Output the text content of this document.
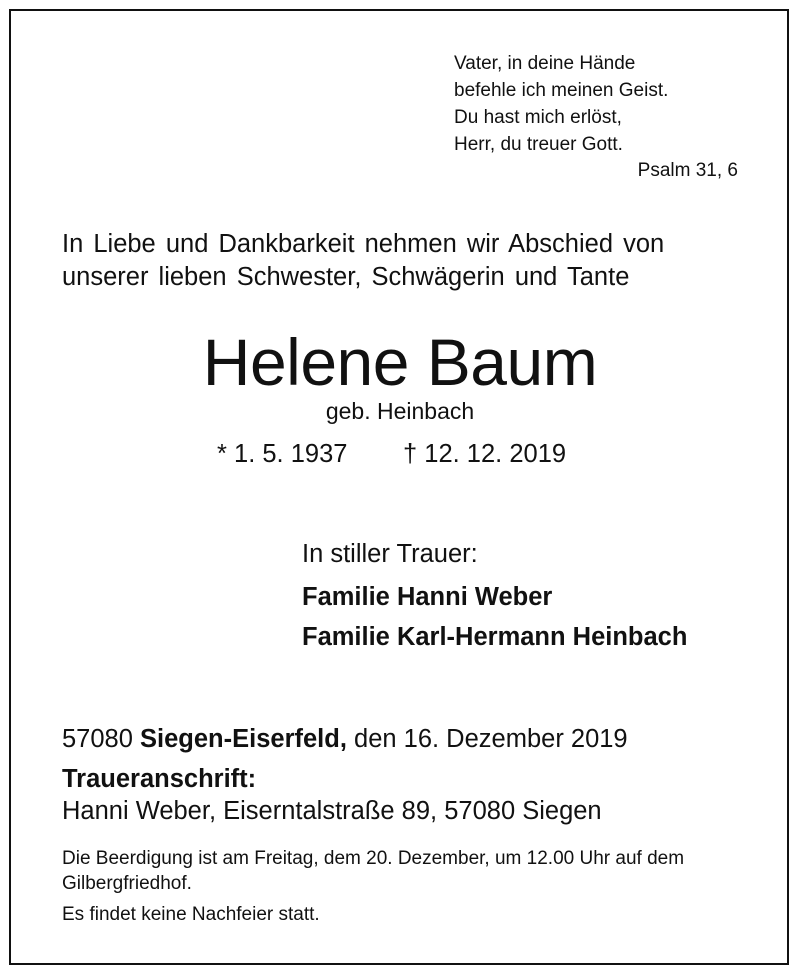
Vater, in deine Hände
befehle ich meinen Geist.
Du hast mich erlöst,
Herr, du treuer Gott.
Psalm 31, 6
In Liebe und Dankbarkeit nehmen wir Abschied von
unserer lieben Schwester, Schwägerin und Tante
Helene Baum
geb. Heinbach
* 1. 5. 1937 † 12. 12. 2019
In stiller Trauer:
Familie Hanni Weber
Familie Karl-Hermann Heinbach
57080 Siegen-Eiserfeld, den 16. Dezember 2019
Traueranschrift:
Hanni Weber, Eiserntalstraße 89, 57080 Siegen
Die Beerdigung ist am Freitag, dem 20. Dezember, um 12.00 Uhr auf dem Gilbergfriedhof.
Es findet keine Nachfeier statt.
